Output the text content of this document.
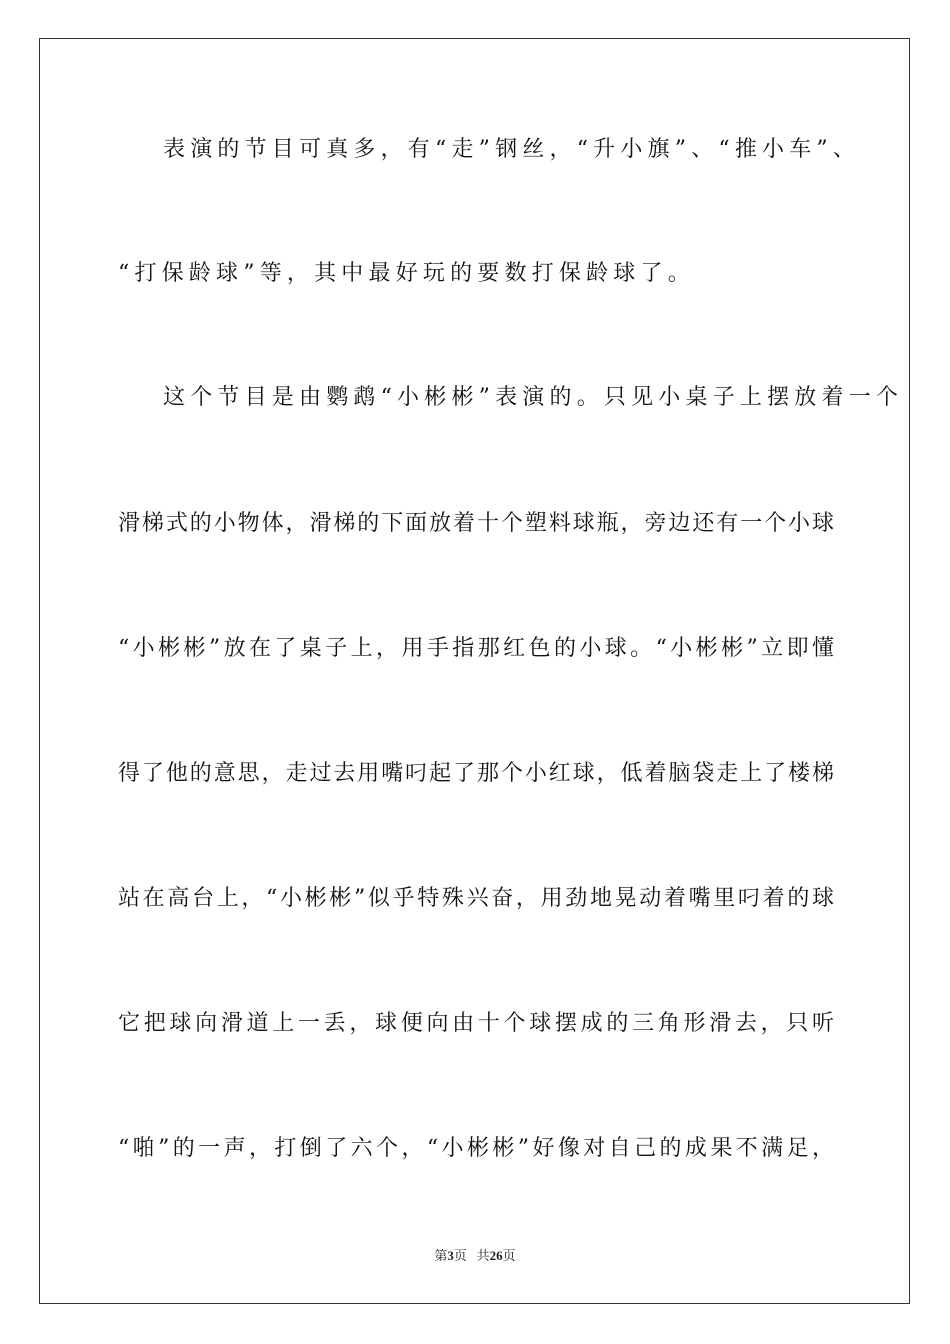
表演的节目可真多，有“走”钢丝，“升小旗”、“推小车”、
“打保龄球”等，其中最好玩的要数打保龄球了。
这个节目是由鹦鹉“小彬彬”表演的。只见小桌子上摆放着一个
滑梯式的小物体，滑梯的下面放着十个塑料球瓶，旁边还有一个小球
“小彬彬”放在了桌子上，用手指那红色的小球。“小彬彬”立即懂
得了他的意思，走过去用嘴叼起了那个小红球，低着脑袋走上了楼梯
站在高台上，“小彬彬”似乎特殊兴奋，用劲地晃动着嘴里叼着的球
它把球向滑道上一丢，球便向由十个球摆成的三角形滑去，只听
“啪”的一声，打倒了六个，“小彬彬”好像对自己的成果不满足，
第3页 共26页
